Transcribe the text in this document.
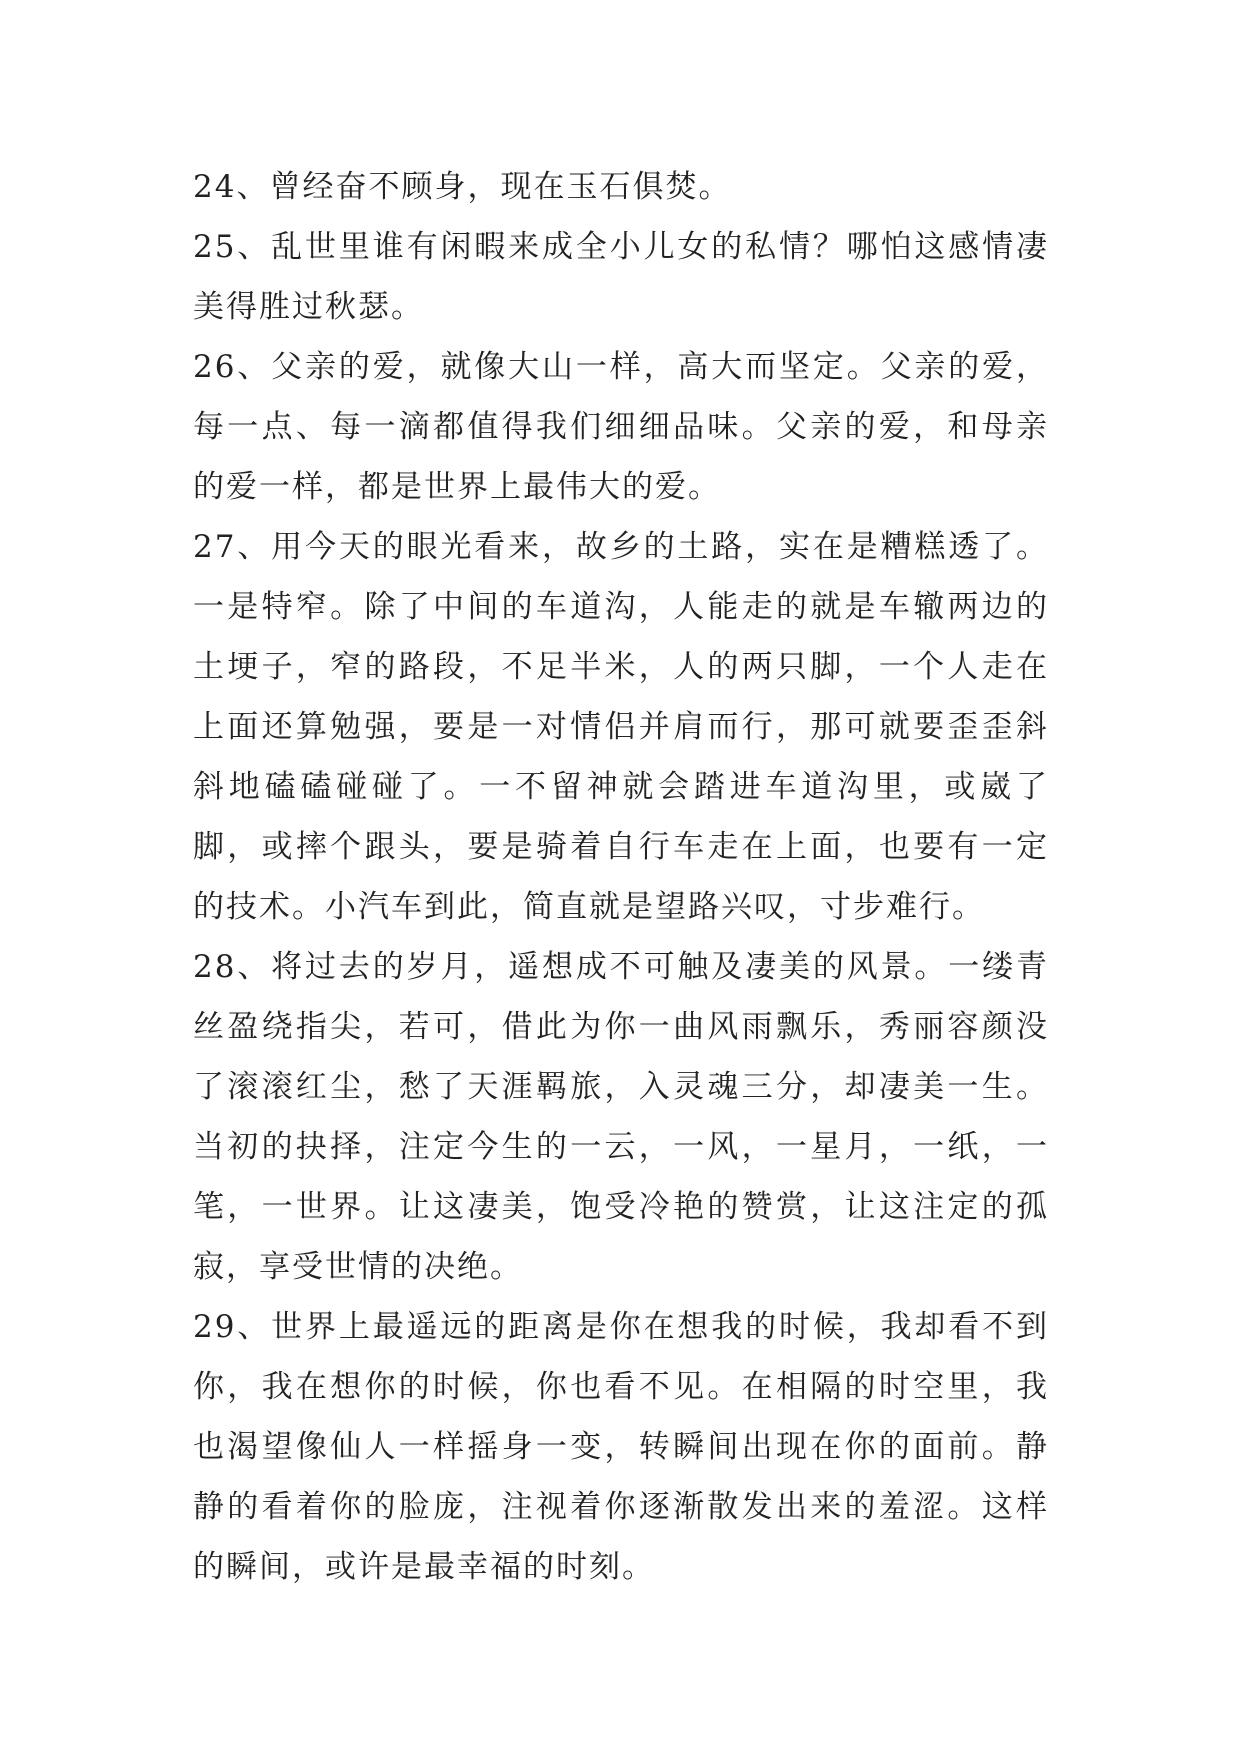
24、曾经奋不顾身，现在玉石俱焚。

25、乱世里谁有闲暇来成全小儿女的私情？哪怕这感情凄美得胜过秋瑟。

26、父亲的爱，就像大山一样，高大而坚定。父亲的爱，每一点、每一滴都值得我们细细品味。父亲的爱，和母亲的爱一样，都是世界上最伟大的爱。

27、用今天的眼光看来，故乡的土路，实在是糟糕透了。一是特窄。除了中间的车道沟，人能走的就是车辙两边的土埂子，窄的路段，不足半米，人的两只脚，一个人走在上面还算勉强，要是一对情侣并肩而行，那可就要歪歪斜斜地磕磕碰碰了。一不留神就会踏进车道沟里，或崴了脚，或摔个跟头，要是骑着自行车走在上面，也要有一定的技术。小汽车到此，简直就是望路兴叹，寸步难行。

28、将过去的岁月，遥想成不可触及凄美的风景。一缕青丝盈绕指尖，若可，借此为你一曲风雨飘乐，秀丽容颜没了滚滚红尘，愁了天涯羁旅，入灵魂三分，却凄美一生。当初的抉择，注定今生的一云，一风，一星月，一纸，一笔，一世界。让这凄美，饱受冷艳的赞赏，让这注定的孤寂，享受世情的决绝。

29、世界上最遥远的距离是你在想我的时候，我却看不到你，我在想你的时候，你也看不见。在相隔的时空里，我也渴望像仙人一样摇身一变，转瞬间出现在你的面前。静静的看着你的脸庞，注视着你逐渐散发出来的羞涩。这样的瞬间，或许是最幸福的时刻。
